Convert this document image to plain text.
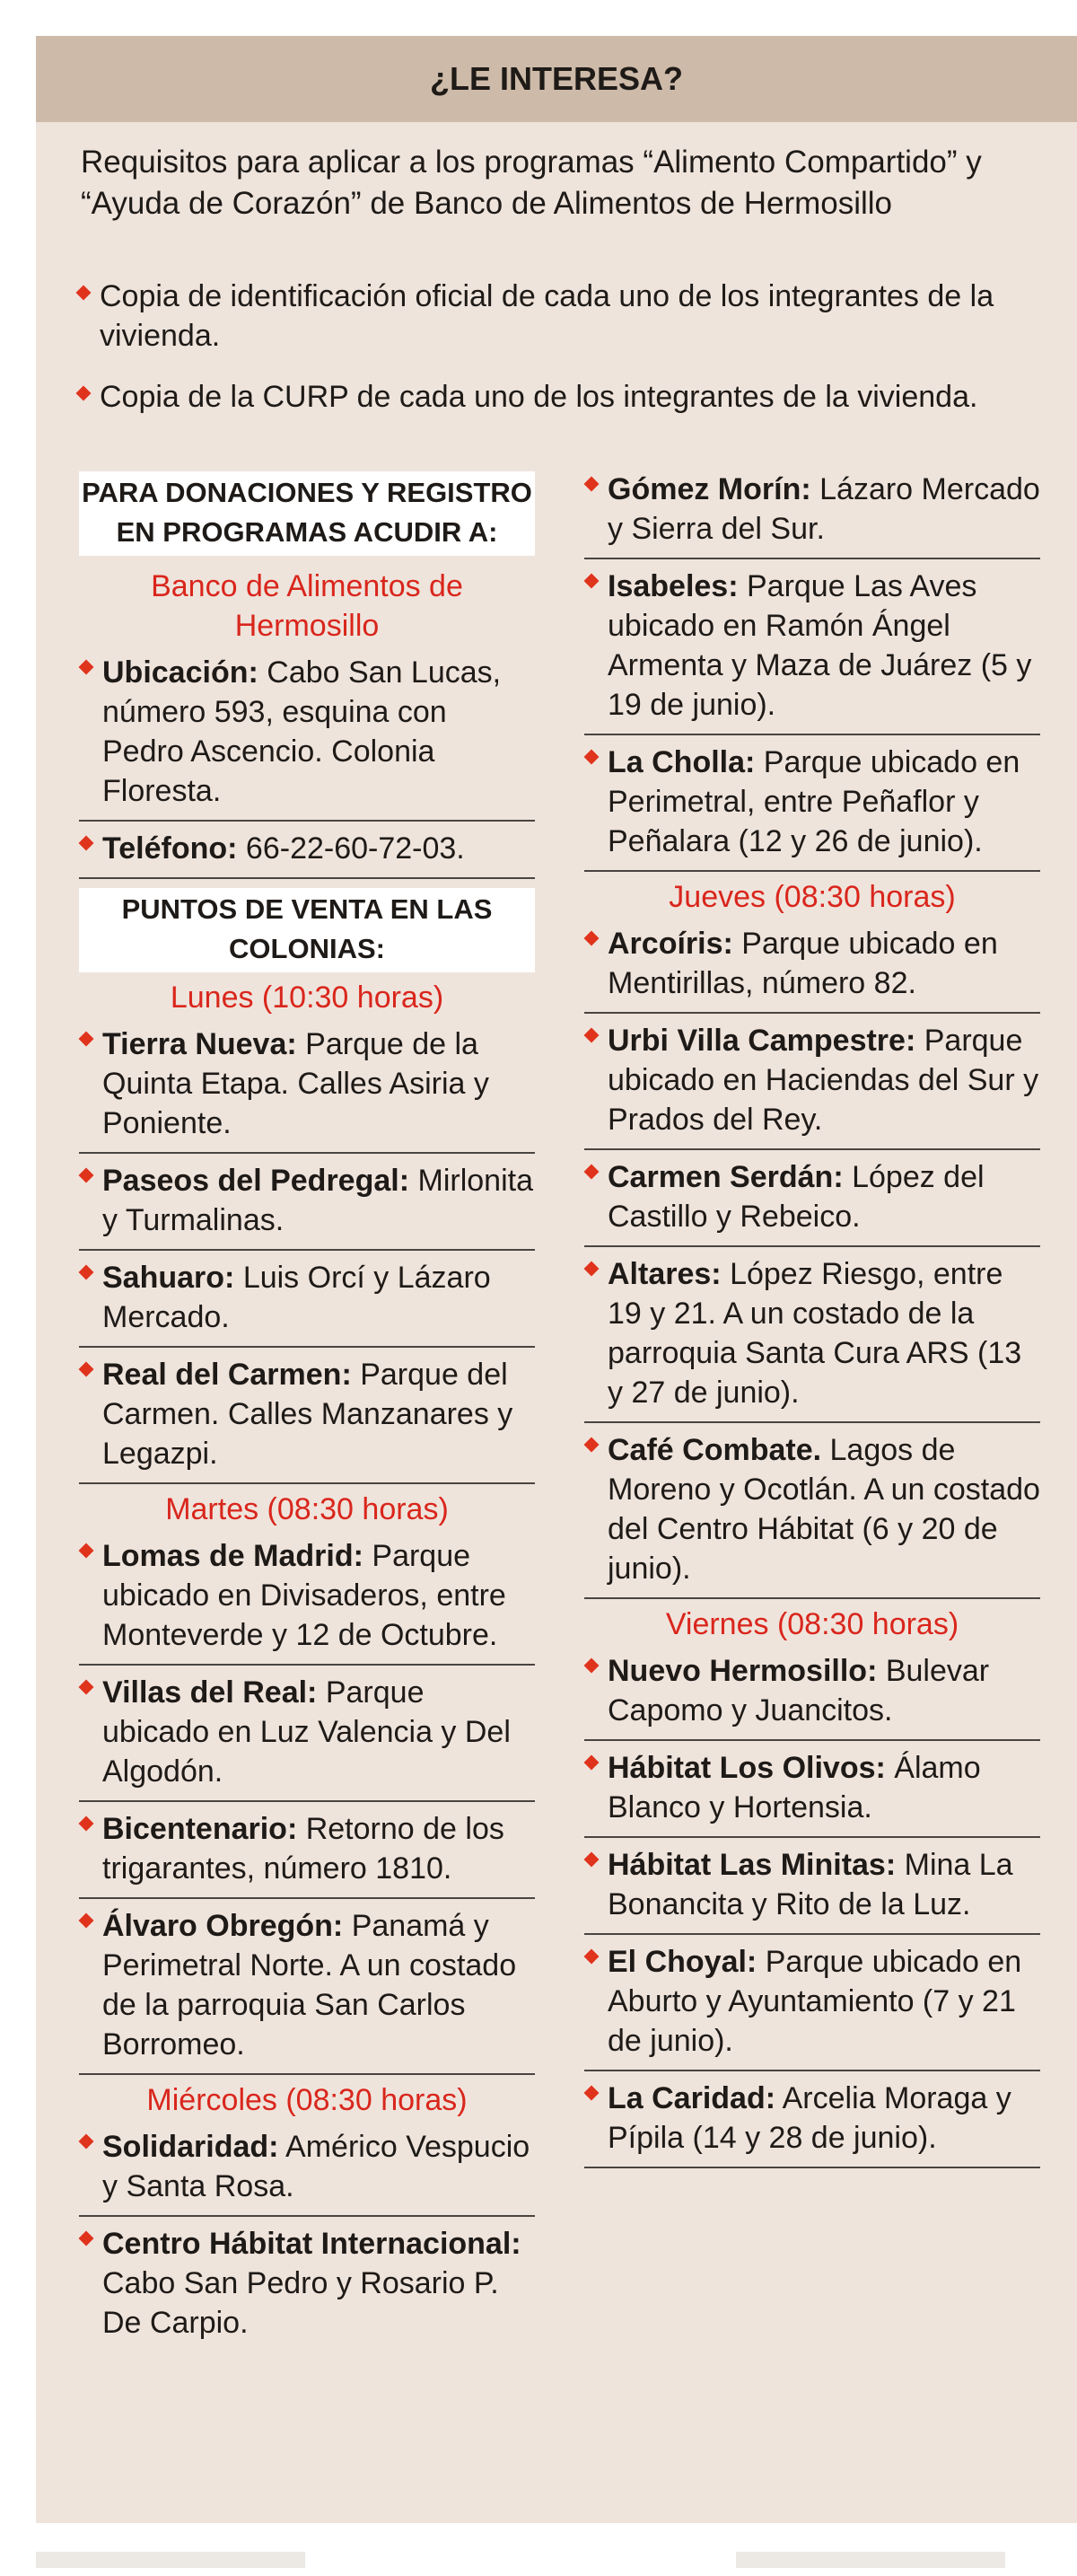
¿LE INTERESA?
Requisitos para aplicar a los programas “Alimento Compartido” y “Ayuda de Corazón” de Banco de Alimentos de Hermosillo
Copia de identificación oficial de cada uno de los integrantes de la vivienda.
Copia de la CURP de cada uno de los integrantes de la vivienda.
PARA DONACIONES Y REGISTRO EN PROGRAMAS ACUDIR A:
Banco de Alimentos de Hermosillo
Ubicación: Cabo San Lucas, número 593, esquina con Pedro Ascencio. Colonia Floresta.
Teléfono: 66-22-60-72-03.
PUNTOS DE VENTA EN LAS COLONIAS:
Lunes (10:30 horas)
Tierra Nueva: Parque de la Quinta Etapa. Calles Asiria y Poniente.
Paseos del Pedregal: Mirlonita y Turmalinas.
Sahuaro: Luis Orcí y Lázaro Mercado.
Real del Carmen: Parque del Carmen. Calles Manzanares y Legazpi.
Martes (08:30 horas)
Lomas de Madrid: Parque ubicado en Divisaderos, entre Monteverde y 12 de Octubre.
Villas del Real: Parque ubicado en Luz Valencia y Del Algodón.
Bicentenario: Retorno de los trigarantes, número 1810.
Álvaro Obregón: Panamá y Perimetral Norte. A un costado de la parroquia San Carlos Borromeo.
Miércoles (08:30 horas)
Solidaridad: Américo Vespucio y Santa Rosa.
Centro Hábitat Internacional: Cabo San Pedro y Rosario P. De Carpio.
Gómez Morín: Lázaro Mercado y Sierra del Sur.
Isabeles: Parque Las Aves ubicado en Ramón Ángel Armenta y Maza de Juárez (5 y 19 de junio).
La Cholla: Parque ubicado en Perimetral, entre Peñaflor y Peñalara (12 y 26 de junio).
Jueves (08:30 horas)
Arcoíris: Parque ubicado en Mentirillas, número 82.
Urbi Villa Campestre: Parque ubicado en Haciendas del Sur y Prados del Rey.
Carmen Serdán: López del Castillo y Rebeico.
Altares: López Riesgo, entre 19 y 21. A un costado de la parroquia Santa Cura ARS (13 y 27 de junio).
Café Combate. Lagos de Moreno y Ocotlán. A un costado del Centro Hábitat (6 y 20 de junio).
Viernes (08:30 horas)
Nuevo Hermosillo: Bulevar Capomo y Juancitos.
Hábitat Los Olivos: Álamo Blanco y Hortensia.
Hábitat Las Minitas: Mina La Bonancita y Rito de la Luz.
El Choyal: Parque ubicado en Aburto y Ayuntamiento (7 y 21 de junio).
La Caridad: Arcelia Moraga y Pípila (14 y 28 de junio).
